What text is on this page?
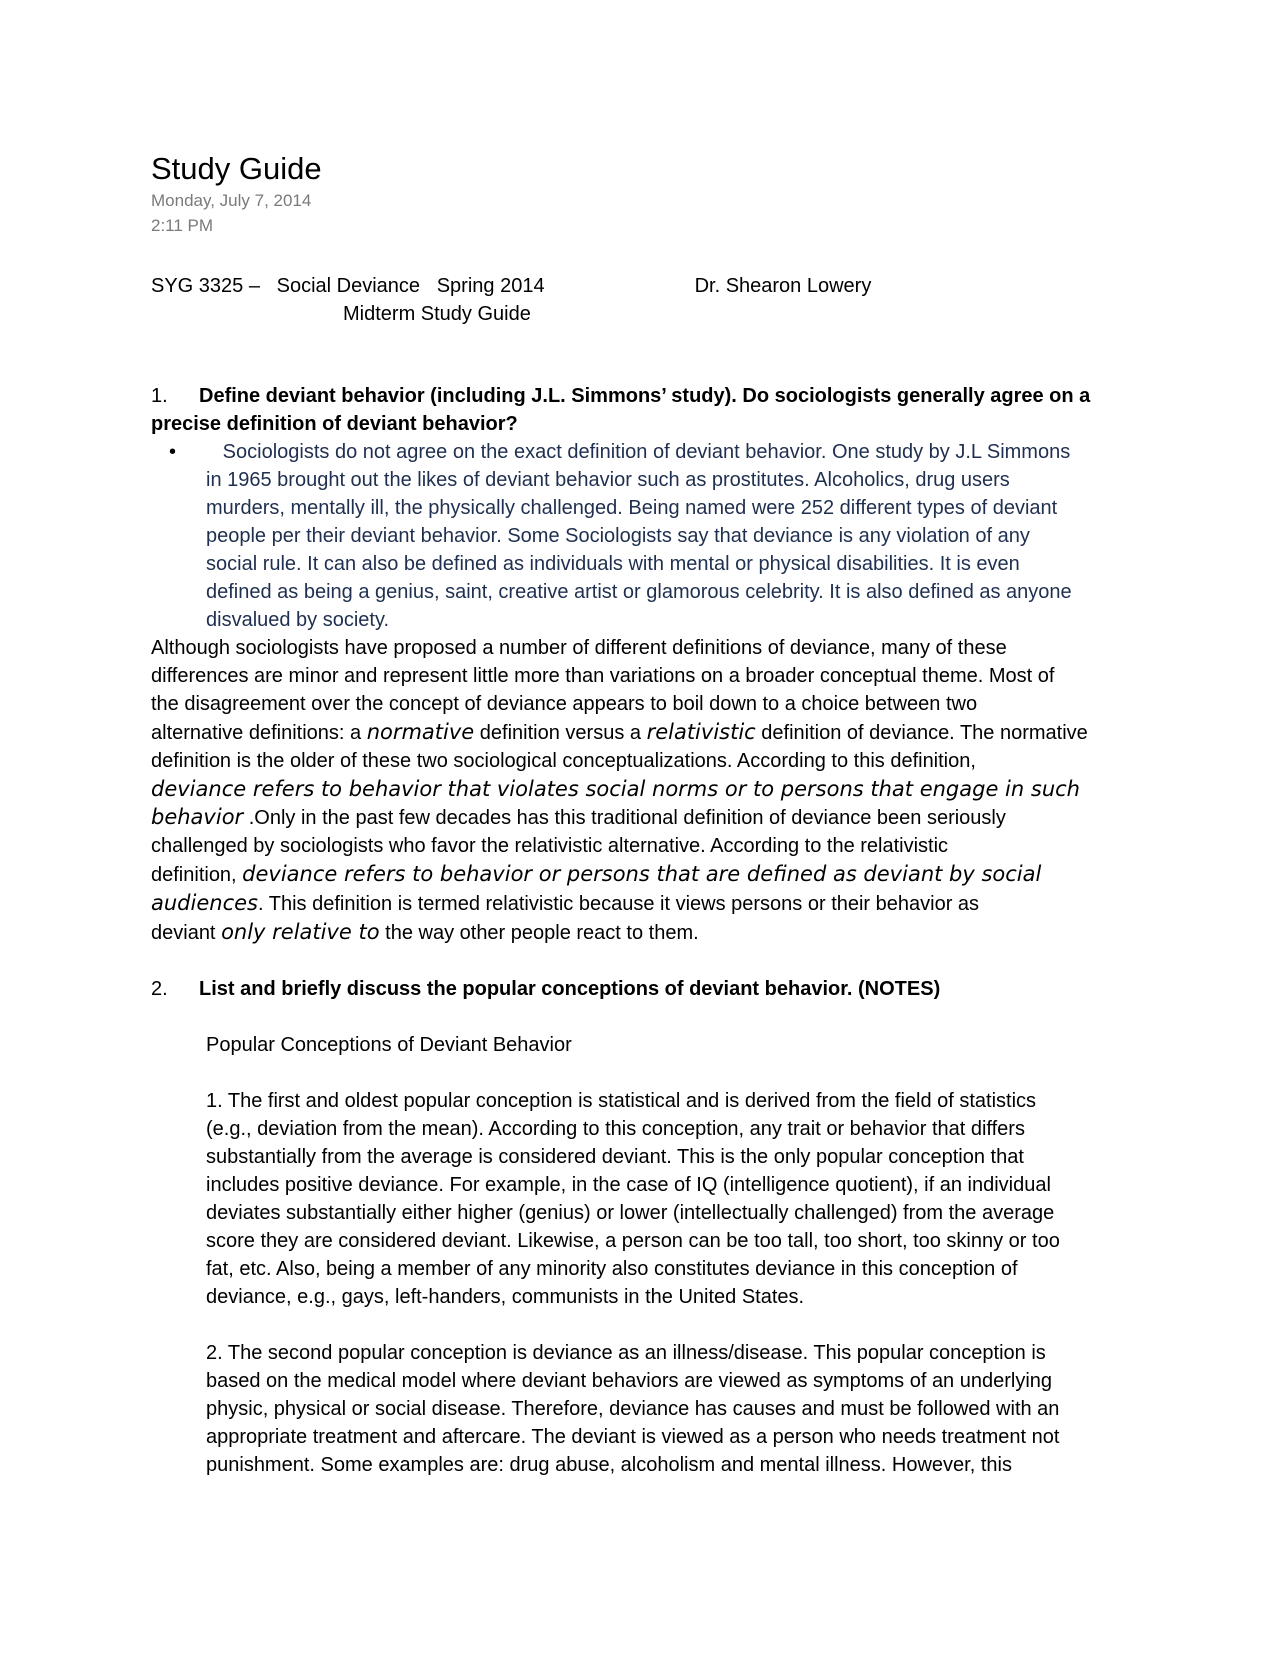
Study Guide
Monday, July 7, 2014
2:11 PM
SYG 3325 –   Social Deviance   Spring 2014	Dr. Shearon Lowery
Midterm Study Guide
1. Define deviant behavior (including J.L. Simmons’ study). Do sociologists generally agree on a
precise definition of deviant behavior?
• Sociologists do not agree on the exact definition of deviant behavior. One study by J.L Simmons
in 1965 brought out the likes of deviant behavior such as prostitutes. Alcoholics, drug users
murders, mentally ill, the physically challenged. Being named were 252 different types of deviant
people per their deviant behavior. Some Sociologists say that deviance is any violation of any
social rule. It can also be defined as individuals with mental or physical disabilities. It is even
defined as being a genius, saint, creative artist or glamorous celebrity. It is also defined as anyone
disvalued by society.
Although sociologists have proposed a number of different definitions of deviance, many of these
differences are minor and represent little more than variations on a broader conceptual theme. Most of
the disagreement over the concept of deviance appears to boil down to a choice between two
alternative definitions: a normative definition versus a relativistic definition of deviance. The normative
definition is the older of these two sociological conceptualizations. According to this definition,
deviance refers to behavior that violates social norms or to persons that engage in such
behavior .Only in the past few decades has this traditional definition of deviance been seriously
challenged by sociologists who favor the relativistic alternative. According to the relativistic
definition, deviance refers to behavior or persons that are defined as deviant by social
audiences. This definition is termed relativistic because it views persons or their behavior as
deviant only relative to the way other people react to them.
2. List and briefly discuss the popular conceptions of deviant behavior. (NOTES)
Popular Conceptions of Deviant Behavior
1. The first and oldest popular conception is statistical and is derived from the field of statistics
(e.g., deviation from the mean). According to this conception, any trait or behavior that differs
substantially from the average is considered deviant. This is the only popular conception that
includes positive deviance. For example, in the case of IQ (intelligence quotient), if an individual
deviates substantially either higher (genius) or lower (intellectually challenged) from the average
score they are considered deviant. Likewise, a person can be too tall, too short, too skinny or too
fat, etc. Also, being a member of any minority also constitutes deviance in this conception of
deviance, e.g., gays, left-handers, communists in the United States.
2. The second popular conception is deviance as an illness/disease. This popular conception is
based on the medical model where deviant behaviors are viewed as symptoms of an underlying
physic, physical or social disease. Therefore, deviance has causes and must be followed with an
appropriate treatment and aftercare. The deviant is viewed as a person who needs treatment not
punishment. Some examples are: drug abuse, alcoholism and mental illness. However, this
